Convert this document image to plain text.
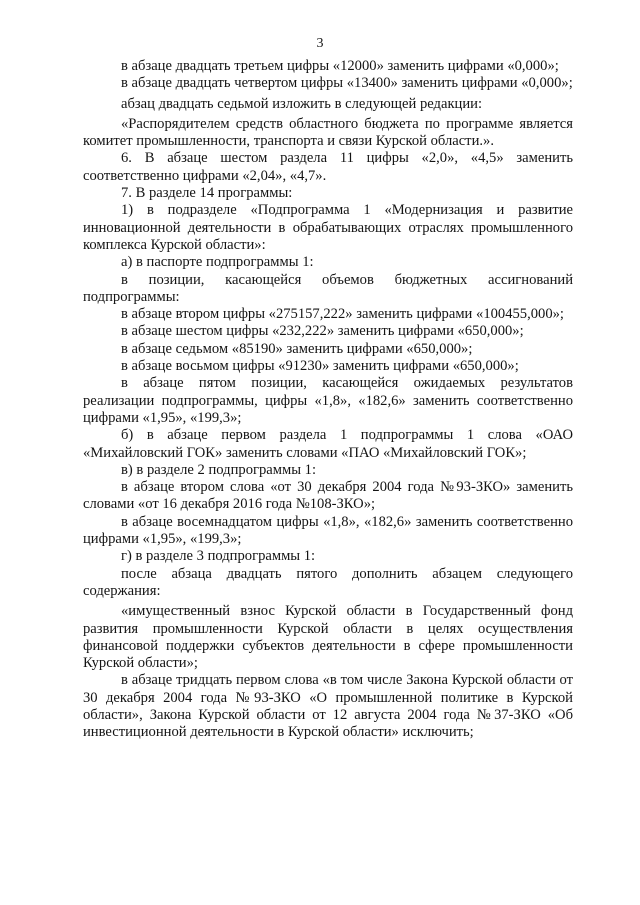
3

в абзаце двадцать третьем цифры «12000» заменить цифрами «0,000»;

в абзаце двадцать четвертом цифры «13400» заменить цифрами «0,000»;

абзац двадцать седьмой изложить в следующей редакции:

«Распорядителем средств областного бюджета по программе является комитет промышленности, транспорта и связи Курской области.».

6. В абзаце шестом раздела 11 цифры «2,0», «4,5» заменить соответственно цифрами «2,04», «4,7».

7. В разделе 14 программы:

1) в подразделе «Подпрограмма 1 «Модернизация и развитие инновационной деятельности в обрабатывающих отраслях промышленного комплекса Курской области»:

а) в паспорте подпрограммы 1:

в позиции, касающейся объемов бюджетных ассигнований подпрограммы:

в абзаце втором цифры «275157,222» заменить цифрами «100455,000»;

в абзаце шестом цифры «232,222» заменить цифрами «650,000»;

в абзаце седьмом «85190» заменить цифрами «650,000»;

в абзаце восьмом цифры «91230» заменить цифрами «650,000»;

в абзаце пятом позиции, касающейся ожидаемых результатов реализации подпрограммы, цифры «1,8», «182,6» заменить соответственно цифрами «1,95», «199,3»;

б) в абзаце первом раздела 1 подпрограммы 1 слова «ОАО «Михайловский ГОК» заменить словами «ПАО «Михайловский ГОК»;

в) в разделе 2 подпрограммы 1:

в абзаце втором слова «от 30 декабря 2004 года №93-ЗКО» заменить словами «от 16 декабря 2016 года №108-ЗКО»;

в абзаце восемнадцатом цифры «1,8», «182,6» заменить соответственно цифрами «1,95», «199,3»;

г) в разделе 3 подпрограммы 1:

после абзаца двадцать пятого дополнить абзацем следующего содержания:

«имущественный взнос Курской области в Государственный фонд развития промышленности Курской области в целях осуществления финансовой поддержки субъектов деятельности в сфере промышленности Курской области»;

в абзаце тридцать первом слова «в том числе Закона Курской области от 30 декабря 2004 года №93-ЗКО «О промышленной политике в Курской области», Закона Курской области от 12 августа 2004 года №37-ЗКО «Об инвестиционной деятельности в Курской области» исключить;
